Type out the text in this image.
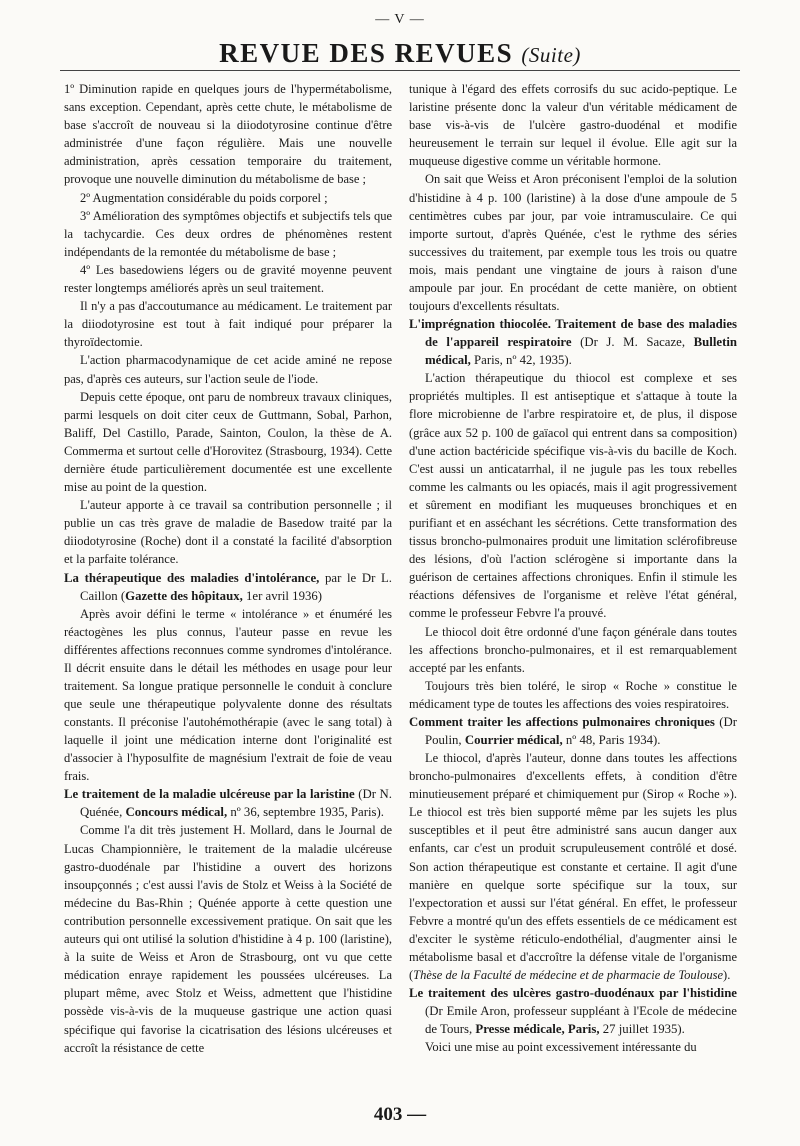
— V —
REVUE DES REVUES (Suite)

1º Diminution rapide en quelques jours de l'hypermétabolisme, sans exception. Cependant, après cette chute, le métabolisme de base s'accroît de nouveau si la diiodotyrosine continue d'être administrée d'une façon régulière. Mais une nouvelle administration, après cessation temporaire du traitement, provoque une nouvelle diminution du métabolisme de base ;

2º Augmentation considérable du poids corporel ;

3º Amélioration des symptômes objectifs et subjectifs tels que la tachycardie. Ces deux ordres de phénomènes restent indépendants de la remontée du métabolisme de base ;

4º Les basedowiens légers ou de gravité moyenne peuvent rester longtemps améliorés après un seul traitement.

Il n'y a pas d'accoutumance au médicament. Le traitement par la diiodotyrosine est tout à fait indiqué pour préparer la thyroïdectomie.

L'action pharmacodynamique de cet acide aminé ne repose pas, d'après ces auteurs, sur l'action seule de l'iode.

Depuis cette époque, ont paru de nombreux travaux cliniques, parmi lesquels on doit citer ceux de Guttmann, Sobal, Parhon, Baliff, Del Castillo, Parade, Sainton, Coulon, la thèse de A. Commerma et surtout celle d'Horovitez (Strasbourg, 1934). Cette dernière étude particulièrement documentée est une excellente mise au point de la question.

L'auteur apporte à ce travail sa contribution personnelle ; il publie un cas très grave de maladie de Basedow traité par la diiodotyrosine (Roche) dont il a constaté la facilité d'absorption et la parfaite tolérance.

La thérapeutique des maladies d'intolérance, par le Dr L. Caillon (Gazette des hôpitaux, 1er avril 1936)

Après avoir défini le terme « intolérance » et énuméré les réactogènes les plus connus, l'auteur passe en revue les différentes affections reconnues comme syndromes d'intolérance. Il décrit ensuite dans le détail les méthodes en usage pour leur traitement. Sa longue pratique personnelle le conduit à conclure que seule une thérapeutique polyvalente donne des résultats constants. Il préconise l'autohémothérapie (avec le sang total) à laquelle il joint une médication interne dont l'originalité est d'associer à l'hyposulfite de magnésium l'extrait de foie de veau frais.

Le traitement de la maladie ulcéreuse par la laristine (Dr N. Quénée, Concours médical, nº 36, septembre 1935, Paris).

Comme l'a dit très justement H. Mollard, dans le Journal de Lucas Championnière, le traitement de la maladie ulcéreuse gastro-duodénale par l'histidine a ouvert des horizons insoupçonnés ; c'est aussi l'avis de Stolz et Weiss à la Société de médecine du Bas-Rhin ; Quénée apporte à cette question une contribution personnelle excessivement pratique. On sait que les auteurs qui ont utilisé la solution d'histidine à 4 p. 100 (laristine), à la suite de Weiss et Aron de Strasbourg, ont vu que cette médication enraye rapidement les poussées ulcéreuses. La plupart même, avec Stolz et Weiss, admettent que l'histidine possède vis-à-vis de la muqueuse gastrique une action quasi spécifique qui favorise la cicatrisation des lésions ulcéreuses et accroît la résistance de cette

tunique à l'égard des effets corrosifs du suc acido-peptique. Le laristine présente donc la valeur d'un véritable médicament de base vis-à-vis de l'ulcère gastro-duodénal et modifie heureusement le terrain sur lequel il évolue. Elle agit sur la muqueuse digestive comme un véritable hormone.

On sait que Weiss et Aron préconisent l'emploi de la solution d'histidine à 4 p. 100 (laristine) à la dose d'une ampoule de 5 centimètres cubes par jour, par voie intramusculaire. Ce qui importe surtout, d'après Quénée, c'est le rythme des séries successives du traitement, par exemple tous les trois ou quatre mois, mais pendant une vingtaine de jours à raison d'une ampoule par jour. En procédant de cette manière, on obtient toujours d'excellents résultats.

L'imprégnation thiocolée. Traitement de base des maladies de l'appareil respiratoire (Dr J. M. Sacaze, Bulletin médical, Paris, nº 42, 1935).

L'action thérapeutique du thiocol est complexe et ses propriétés multiples. Il est antiseptique et s'attaque à toute la flore microbienne de l'arbre respiratoire et, de plus, il dispose (grâce aux 52 p. 100 de gaïacol qui entrent dans sa composition) d'une action bactéricide spécifique vis-à-vis du bacille de Koch. C'est aussi un anticatarrhal, il ne jugule pas les toux rebelles comme les calmants ou les opiacés, mais il agit progressivement et sûrement en modifiant les muqueuses bronchiques et en purifiant et en asséchant les sécrétions. Cette transformation des tissus broncho-pulmonaires produit une limitation sclérofibreuse des lésions, d'où l'action sclérogène si importante dans la guérison de certaines affections chroniques. Enfin il stimule les réactions défensives de l'organisme et relève l'état général, comme le professeur Febvre l'a prouvé.

Le thiocol doit être ordonné d'une façon générale dans toutes les affections broncho-pulmonaires, et il est remarquablement accepté par les enfants.

Toujours très bien toléré, le sirop « Roche » constitue le médicament type de toutes les affections des voies respiratoires.

Comment traiter les affections pulmonaires chroniques (Dr Poulin, Courrier médical, nº 48, Paris 1934).

Le thiocol, d'après l'auteur, donne dans toutes les affections broncho-pulmonaires d'excellents effets, à condition d'être minutieusement préparé et chimiquement pur (Sirop « Roche »). Le thiocol est très bien supporté même par les sujets les plus susceptibles et il peut être administré sans aucun danger aux enfants, car c'est un produit scrupuleusement contrôlé et dosé. Son action thérapeutique est constante et certaine. Il agit d'une manière en quelque sorte spécifique sur la toux, sur l'expectoration et aussi sur l'état général. En effet, le professeur Febvre a montré qu'un des effets essentiels de ce médicament est d'exciter le système réticulo-endothélial, d'augmenter ainsi le métabolisme basal et d'accroître la défense vitale de l'organisme (Thèse de la Faculté de médecine et de pharmacie de Toulouse).

Le traitement des ulcères gastro-duodénaux par l'histidine (Dr Emile Aron, professeur suppléant à l'Ecole de médecine de Tours, Presse médicale, Paris, 27 juillet 1935).

Voici une mise au point excessivement intéressante du

403 —
